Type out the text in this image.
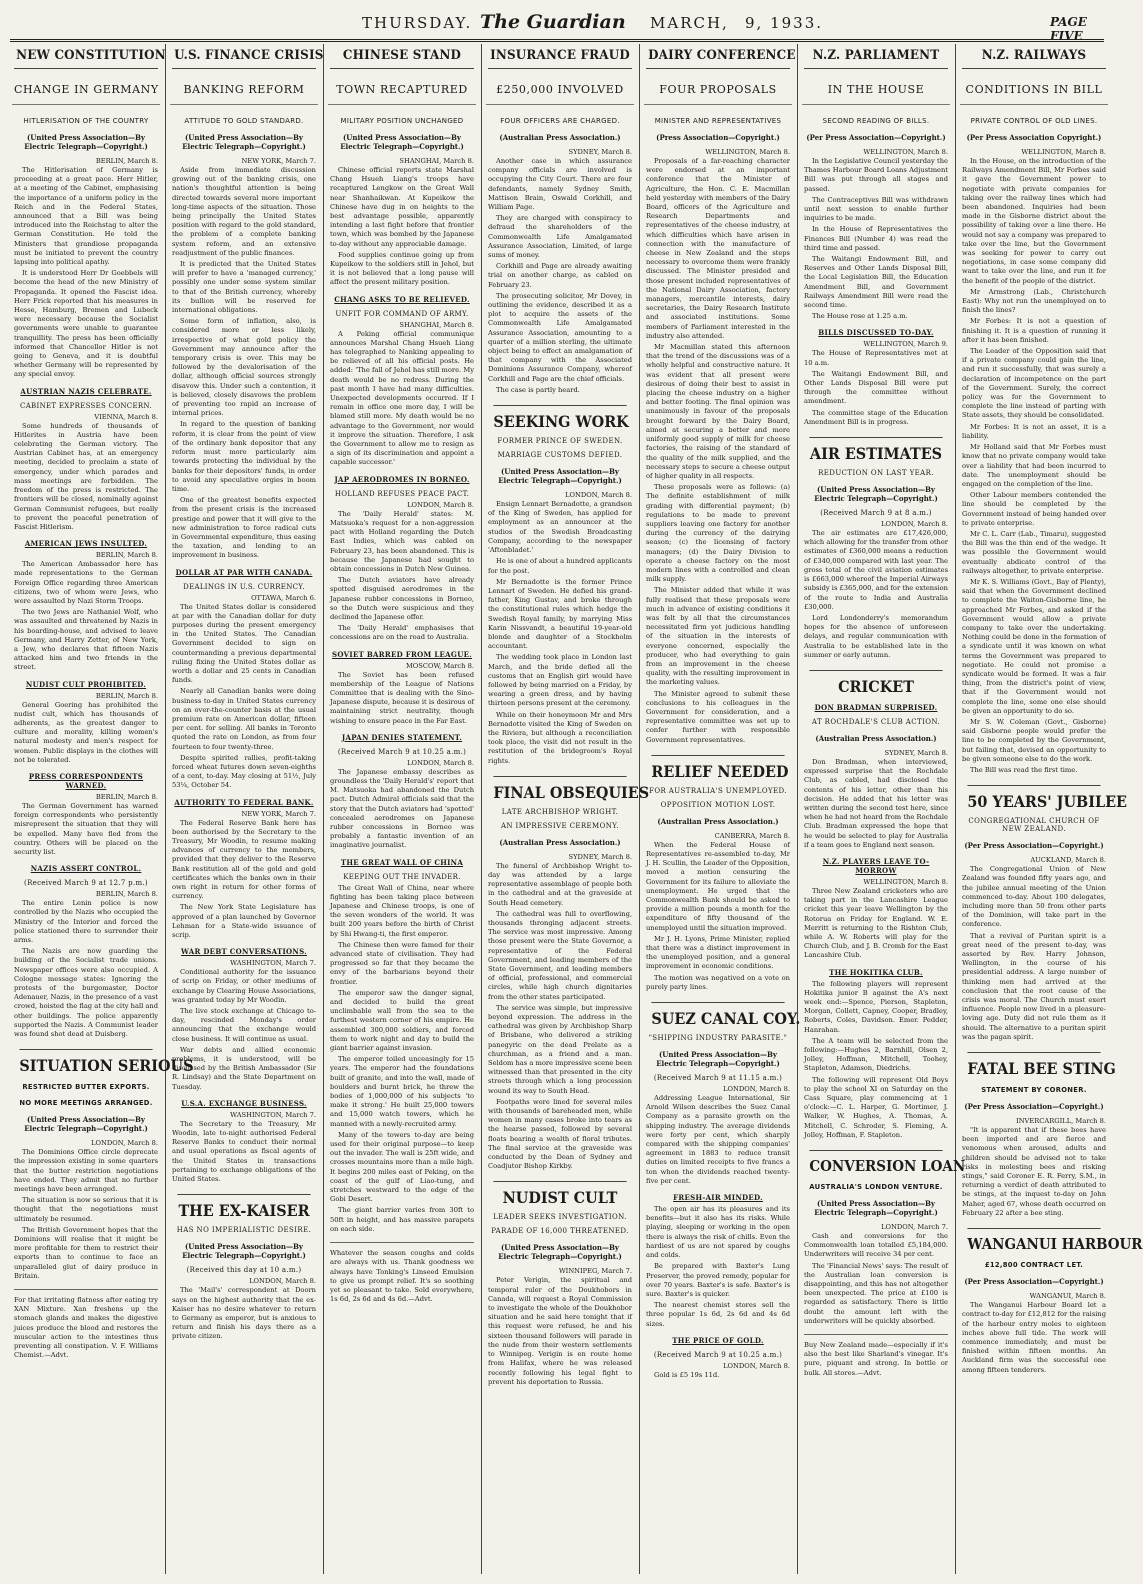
THURSDAY. The Guardian MARCH, 9, 1933.	PAGE FIVE
NEW CONSTITUTION
CHANGE IN GERMANY
HITLERISATION OF THE COUNTRY
(United Press Association—By Electric Telegraph—Copyright.)
BERLIN, March 8.

The Hitlerisation of Germany is proceeding at a great pace. Herr Hitler, at a meeting of the Cabinet, emphasising the importance of a uniform policy in the Reich and in the Federal States, announced that a Bill was being introduced into the Reichstag to alter the German Constitution. He told the Ministers that grandiose propaganda must be initiated to prevent the country lapsing into political apathy.

It is understood Herr Dr Goebbels will become the head of the new Ministry of Propaganda. It opened the Fascist idea. Herr Frick reported that his measures in Hesse, Hamburg, Bremen and Lubeck were necessary because the Socialist governments were unable to guarantee tranquillity. The press has been officially informed that Chancellor Hitler is not going to Geneva, and it is doubtful whether Germany will be represented by any special envoy.

AUSTRIAN NAZIS CELEBRATE.
CABINET EXPRESSES CONCERN.
VIENNA, March 8.

Some hundreds of thousands of Hitlerites in Austria have been celebrating the German victory. The Austrian Cabinet has, at an emergency meeting, decided to proclaim a state of emergency, under which parades and mass meetings are forbidden. The freedom of the press is restricted. The frontiers will be closed, nominally against German Communist refugees, but really to prevent the peaceful penetration of Fascist Hitlerism.

AMERICAN JEWS INSULTED.
BERLIN, March 8.

The American Ambassador here has made representations to the German Foreign Office regarding three American citizens, two of whom were Jews, who were assaulted by Nazi Storm Troops.

The two Jews are Nathaniel Wolf, who was assaulted and threatened by Nazis in his boarding-house, and advised to leave Germany, and Harry Zetter, of New York, a Jew, who declares that fifteen Nazis attacked him and two friends in the street.

NUDIST CULT PROHIBITED.
BERLIN, March 8.

General Goering has prohibited the nudist cult, which has thousands of adherents, as the greatest danger to culture and morality, killing women's natural modesty and men's respect for women. Public displays in the clothes will not be tolerated.

PRESS CORRESPONDENTS WARNED.
BERLIN, March 8.

The German Government has warned foreign correspondents who persistently misrepresent the situation that they will be expelled. Many have fled from the country. Others will be placed on the security list.

NAZIS ASSERT CONTROL.
(Received March 9 at 12.7 p.m.)
BERLIN, March 8.

The entire Lenin police is now controlled by the Nazis who occupied the Ministry of the Interior and forced the police stationed there to surrender their arms.

The Nazis are now guarding the building of the Socialist trade unions. Newspaper offices were also occupied. A Cologne message states: Ignoring the protests of the burgomaster, Doctor Adenauer, Nazis, in the presence of a vast crowd, hoisted the flag at the city hall and other buildings. The police apparently supported the Nazis. A Communist leader was found shot dead at Duisberg.

SITUATION SERIOUS
RESTRICTED BUTTER EXPORTS.
NO MORE MEETINGS ARRANGED.
(United Press Association—By Electric Telegraph—Copyright.)
LONDON, March 8.

The Dominions Office circle deprecate the impression existing in some quarters that the butter restriction negotiations have ended. They admit that no further meetings have been arranged.

The situation is now so serious that it is thought that the negotiations must ultimately be resumed.

The British Government hopes that the Dominions will realise that it might be more profitable for them to restrict their exports than to continue to face an unparalleled glut of dairy produce in Britain.

For that irritating flatness after eating try XAN Mixture. Xan freshens up the stomach glands and makes the digestive juices produce the blood and restores the muscular action to the intestines thus preventing all constipation. V. F. Williams Chemist.—Advt.
U.S. FINANCE CRISIS
BANKING REFORM
ATTITUDE TO GOLD STANDARD.
(United Press Association—By Electric Telegraph—Copyright.)
NEW YORK, March 7.

Aside from immediate discussion growing out of the banking crisis, one nation's thoughtful attention is being directed towards several more important long-time aspects of the situation. Those being principally the United States position with regard to the gold standard, the problem of a complete banking system reform, and an extensive readjustment of the public finances.

It is predicted that the United States will prefer to have a 'managed currency,' possibly one under some system similar to that of the British currency, whereby its bullion will be reserved for international obligations.

Some form of inflation, also, is considered more or less likely, irrespective of what gold policy the Government may announce after the temporary crisis is over. This may be followed by the devalorisation of the dollar, although official sources strongly disavow this. Under such a contention, it is believed, closely disavows the problem of preventing too rapid an increase of internal prices.

In regard to the question of banking reform, it is clear from the point of view of the ordinary bank depositor that any reform must more particularly aim towards protecting the individual by the banks for their depositors' funds, in order to avoid any speculative orgies in boom time.

One of the greatest benefits expected from the present crisis is the increased prestige and power that it will give to the new administration to force radical cuts in Governmental expenditure, thus easing the taxation, and lending to an improvement in business.

DOLLAR AT PAR WITH CANADA.
DEALINGS IN U.S. CURRENCY.
OTTAWA, March 6.

The United States dollar is considered at par with the Canadian dollar for duty purposes during the present emergency in the United States. The Canadian Government decided to sign on countermanding a previous departmental ruling fixing the United States dollar as worth a dollar and 25 cents in Canadian funds.

Nearly all Canadian banks were doing business to-day in United States currency on an over-the-counter basis at the usual premium rate on American dollar, fifteen per cent. for selling. All banks in Toronto quoted the rate on London, as from four fourteen to four twenty-three.

Despite spirited rallies, profit-taking forced wheat futures down seven-eighths of a cent, to-day. May closing at 51½, July 53¼, October 54.

AUTHORITY TO FEDERAL BANK.
NEW YORK, March 7.

The Federal Reserve Bank here has been authorised by the Secretary to the Treasury, Mr Woodin, to resume making advances of currency to the members, provided that they deliver to the Reserve Bank restitution all of the gold and gold certificates which the banks own in their own right in return for other forms of currency.

The New York State Legislature has approved of a plan launched by Governor Lehman for a State-wide issuance of scrip.

WAR DEBT CONVERSATIONS.
WASHINGTON, March 7.

Conditional authority for the issuance of scrip on Friday, or other mediums of exchange by Clearing House Associations, was granted today by Mr Woodin.

The live stock exchange at Chicago to-day, rescinded Monday's order announcing that the exchange would close business. It will continue as usual.

War debts and allied economic problems, it is understood, will be discussed by the British Ambassador (Sir R. Lindsay) and the State Department on Tuesday.

U.S.A. EXCHANGE BUSINESS.
WASHINGTON, March 7.

The Secretary to the Treasury, Mr Woodin, late to-night authorised Federal Reserve Banks to conduct their normal and usual operations as fiscal agents of the United States in transactions pertaining to exchange obligations of the United States.

THE EX-KAISER
HAS NO IMPERIALISTIC DESIRE.
(United Press Association—By Electric Telegraph—Copyright.)
(Received this day at 10 a.m.)
LONDON, March 8.

The 'Mail's' correspondent at Doorn says on the highest authority that the ex-Kaiser has no desire whatever to return to Germany as emperor, but is anxious to return and finish his days there as a private citizen.

CHINESE STAND
TOWN RECAPTURED
MILITARY POSITION UNCHANGED
(United Press Association—By Electric Telegraph—Copyright.)
SHANGHAI, March 8.

Chinese official reports state Marshal Chang Hsueh Liang's troops have recaptured Lengkow on the Great Wall near Shanhaikwan. At Kupeikow the Chinese have dug in on heights to the best advantage possible, apparently intending a last fight before that frontier town, which was bombed by the Japanese to-day without any appreciable damage.

Food supplies continue going up from Kupeikow to the soldiers still in Jehol, but it is not believed that a long pause will affect the present military position.

CHANG ASKS TO BE RELIEVED.
UNFIT FOR COMMAND OF ARMY.
SHANGHAI, March 8.

A Peking official communique announces Marshal Chang Hsueh Liang has telegraphed to Nanking appealing to be relieved of all his official posts. He added: 'The fall of Jehol has still more. My death would be no redress. During the past month I have had many difficulties. Unexpected developments occurred. If I remain in office one more day, I will be blamed still more. My death would be no advantage to the Government, nor would it improve the situation. Therefore, I ask the Government to allow me to resign as a sign of its discrimination and appoint a capable successor.'

JAP AERODROMES IN BORNEO.
HOLLAND REFUSES PEACE PACT.
LONDON, March 8.

The 'Daily Herald' states: M. Matsuoka's request for a non-aggression pact with Holland regarding the Dutch East Indies, which was cabled on February 23, has been abandoned. This is because the Japanese had sought to obtain concessions in Dutch New Guinea.

The Dutch aviators have already spotted disguised aerodromes in the Japanese rubber concessions in Borneo, so the Dutch were suspicious and they declined the Japanese offer.

The 'Daily Herald' emphasises that concessions are on the road to Australia.

SOVIET BARRED FROM LEAGUE.
MOSCOW, March 8.

The Soviet has been refused membership of the League of Nations Committee that is dealing with the Sino-Japanese dispute, because it is desirous of maintaining strict neutrality, though wishing to ensure peace in the Far East.

JAPAN DENIES STATEMENT.
(Received March 9 at 10.25 a.m.)
LONDON, March 8.

The Japanese embassy describes as groundless the 'Daily Herald's' report that M. Matsuoka had abandoned the Dutch pact. Dutch Admiral officials said that the story that the Dutch aviators had 'spotted' concealed aerodromes on Japanese rubber concessions in Borneo was probably a fantastic invention of an imaginative journalist.

THE GREAT WALL OF CHINA
KEEPING OUT THE INVADER.

The Great Wall of China, near where fighting has been taking place between Japanese and Chinese troops, is one of the seven wonders of the world. It was built 200 years before the birth of Christ by Shi Hwang-ti, the first emperor.

The Chinese then were famed for their advanced state of civilisation. They had progressed so far that they became the envy of the barbarians beyond their frontier.

The emperor saw the danger signal, and decided to build the great unclimbable wall from the sea to the furthest western corner of his empire. He assembled 300,000 soldiers, and forced them to work night and day to build the giant barrier against invasion.

The emperor toiled unceasingly for 15 years. The emperor had the foundations built of granite, and into the wall, made of boulders and burnt brick, he threw the bodies of 1,000,000 of his subjects 'to make it strong.' He built 25,000 towers and 15,000 watch towers, which he manned with a newly-recruited army.

Many of the towers to-day are being used for their original purpose—to keep out the invader. The wall is 25ft wide, and crosses mountains more than a mile high. It begins 200 miles east of Peking, on the coast of the gulf of Liao-tung, and stretches westward to the edge of the Gobi Desert.

The giant barrier varies from 30ft to 50ft in height, and has massive parapets on each side.

Whatever the season coughs and colds are always with us. Thank goodness we always have Tonking's Linseed Emulsion to give us prompt relief. It's so soothing yet so pleasant to take. Sold everywhere, 1s 6d, 2s 6d and 4s 6d.—Advt.
INSURANCE FRAUD
£250,000 INVOLVED
FOUR OFFICERS ARE CHARGED.
(Australian Press Association.)
SYDNEY, March 8.

Another case in which assurance company officials are involved is occupying the City Court. There are four defendants, namely Sydney Smith, Mattison Brain, Oswald Corkhill, and William Page.

They are charged with conspiracy to defraud the shareholders of the Commonwealth Life Amalgamated Assurance Association, Limited, of large sums of money.

Corkhill and Page are already awaiting trial on another charge, as cabled on February 23.

The prosecuting solicitor, Mr Dovey, in outlining the evidence, described it as a plot to acquire the assets of the Commonwealth Life Amalgamated Assurance Association, amounting to a quarter of a million sterling, the ultimate object being to effect an amalgamation of that company with the Associated Dominions Assurance Company, whereof Corkhill and Page are the chief officials.

The case is partly heard.

SEEKING WORK
FORMER PRINCE OF SWEDEN.
MARRIAGE CUSTOMS DEFIED.
(United Press Association—By Electric Telegraph—Copyright.)
LONDON, March 8.

Ensign Lennart Bernadotte, a grandson of the King of Sweden, has applied for employment as an announcer at the studios of the Swedish Broadcasting Company, according to the newspaper 'Aftonbladet.'

He is one of about a hundred applicants for the post.

Mr Bernadotte is the former Prince Lennart of Sweden. He defied his grand-father, King Gustav, and broke through the constitutional rules which hedge the Swedish Royal family, by marrying Miss Karin Nissvandt, a beautiful 19-year-old blonde and daughter of a Stockholm accountant.

The wedding took place in London last March, and the bride defied all the customs that an English girl would have followed by being married on a Friday, by wearing a green dress, and by having thirteen persons present at the ceremony.

While on their honeymoon Mr and Mrs Bernadotte visited the King of Sweden on the Riviera, but although a reconciliation took place, the visit did not result in the restitution of the bridegroom's Royal rights.

FINAL OBSEQUIES
LATE ARCHBISHOP WRIGHT.
AN IMPRESSIVE CEREMONY.
(Australian Press Association.)
SYDNEY, March 8.

The funeral of Archbishop Wright to-day was attended by a large representative assemblage of people both in the cathedral and at the graveside at South Head cemetery.

The cathedral was full to overflowing, thousands thronging adjacent streets. The service was most impressive. Among those present were the State Governor, a representative of the Federal Government, and leading members of the State Government, and leading members of official, professional, and commercial circles, while high church dignitaries from the other states participated.

The service was simple, but impressive beyond expression. The address in the cathedral was given by Archbishop Sharp of Brisbane, who delivered a striking panegyric on the dead Prelate as a churchman, as a friend and a man. Seldom has a more impressive scene been witnessed than that presented in the city streets through which a long procession wound its way to South Head.

Footpaths were lined for several miles with thousands of bareheaded men, while women in many cases broke into tears as the hearse passed, followed by several floats bearing a wealth of floral tributes. The final service at the graveside was conducted by the Dean of Sydney and Coadjutor Bishop Kirkby.

NUDIST CULT
LEADER SEEKS INVESTIGATION.
PARADE OF 16,000 THREATENED.
(United Press Association—By Electric Telegraph—Copyright.)
WINNIPEG, March 7.

Peter Verigin, the spiritual and temporal ruler of the Doukhobors in Canada, will request a Royal Commission to investigate the whole of the Doukhobor situation and he said here tonight that if this request were refused, he and his sixteen thousand followers will parade in the nude from their western settlements to Winnipeg. Verigin is en route home from Halifax, where he was released recently following his legal fight to prevent his deportation to Russia.

DAIRY CONFERENCE
FOUR PROPOSALS
MINISTER AND REPRESENTATIVES
(Press Association—Copyright.)
WELLINGTON, March 8.

Proposals of a far-reaching character were endorsed at an important conference that the Minister of Agriculture, the Hon. C. E. Macmillan held yesterday with members of the Dairy Board, officers of the Agriculture and Research Departments and representatives of the cheese industry, at which difficulties which have arisen in connection with the manufacture of cheese in New Zealand and the steps necessary to overcome them were frankly discussed. The Minister presided and those present included representatives of the National Dairy Association, factory managers, mercantile interests, dairy secretaries, the Dairy Research Institute and associated institutions. Some members of Parliament interested in the industry also attended.

Mr Macmillan stated this afternoon that the trend of the discussions was of a wholly helpful and constructive nature. It was evident that all present were desirous of doing their best to assist in placing the cheese industry on a higher and better footing. The final opinion was unanimously in favour of the proposals brought forward by the Dairy Board, aimed at securing a better and more uniformly good supply of milk for cheese factories, the raising of the standard of the quality of the milk supplied, and the necessary steps to secure a cheese output of higher quality in all respects.

These proposals were as follows: (a) The definite establishment of milk grading with differential payment; (b) regulations to be made to prevent suppliers leaving one factory for another during the currency of the dairying season; (c) the licensing of factory managers; (d) the Dairy Division to operate a cheese factory on the most modern lines with a controlled and clean milk supply.

The Minister added that while it was fully realised that these proposals were much in advance of existing conditions it was felt by all that the circumstances necessitated firm yet judicious handling of the situation in the interests of everyone concerned, especially the producer, who had everything to gain from an improvement in the cheese quality, with the resulting improvement in the marketing values.

The Minister agreed to submit these conclusions to his colleagues in the Government for consideration, and a representative committee was set up to confer further with responsible Government representatives.

RELIEF NEEDED
FOR AUSTRALIA'S UNEMPLOYED.
OPPOSITION MOTION LOST.
(Australian Press Association.)
CANBERRA, March 8.

When the Federal House of Representatives re-assembled to-day, Mr J. H. Scullin, the Leader of the Opposition, moved a motion censuring the Government for its failure to alleviate the unemployment. He urged that the Commonwealth Bank should be asked to provide a million pounds a month for the expenditure of fifty thousand of the unemployed until the situation improved.

Mr J. H. Lyons, Prime Minister, replied that there was a distinct improvement in the unemployed position, and a general improvement in economic conditions.

The motion was negatived on a vote on purely party lines.

SUEZ CANAL COY.
"SHIPPING INDUSTRY PARASITE."
(United Press Association—By Electric Telegraph—Copyright.)
(Received March 9 at 11.15 a.m.)
LONDON, March 8.

Addressing League International, Sir Arnold Wilson describes the Suez Canal Company as a parasite growth on the shipping industry. The average dividends were forty per cent, which sharply compared with the shipping companies' agreement in 1883 to reduce transit duties on limited receipts to five francs a ton when the dividends reached twenty-five per cent.

FRESH-AIR MINDED.

The open air has its pleasures and its benefits—but it also has its risks. While playing, sleeping or working in the open there is always the risk of chills. Even the hardiest of us are not spared by coughs and colds.

Be prepared with Baxter's Lung Preserver, the proved remedy, popular for over 70 years. Baxter's is safe. Baxter's is sure. Baxter's is quicker.

The nearest chemist stores sell the three popular 1s 6d, 2s 6d and 4s 6d sizes.

THE PRICE OF GOLD.
(Received March 9 at 10.25 a.m.)
LONDON, March 8.

Gold is £5 19s 11d.

N.Z. PARLIAMENT
IN THE HOUSE
SECOND READING OF BILLS.
(Per Press Association—Copyright.)
WELLINGTON, March 8.

In the Legislative Council yesterday the Thames Harbour Board Loans Adjustment Bill was put through all stages and passed.

The Contraceptives Bill was withdrawn until next session to enable further inquiries to be made.

In the House of Representatives the Finances Bill (Number 4) was read the third time and passed.

The Waitangi Endowment Bill, and Reserves and Other Lands Disposal Bill, the Local Legislation Bill, the Education Amendment Bill, and Government Railways Amendment Bill were read the second time.

The House rose at 1.25 a.m.

BILLS DISCUSSED TO-DAY.
WELLINGTON, March 9.

The House of Representatives met at 10 a.m.

The Waitangi Endowment Bill, and Other Lands Disposal Bill were put through the committee without amendment.

The committee stage of the Education Amendment Bill is in progress.

AIR ESTIMATES
REDUCTION ON LAST YEAR.
(United Press Association—By Electric Telegraph—Copyright.)
(Received March 9 at 8 a.m.)
LONDON, March 8.

The air estimates are £17,426,000, which allowing for the transfer from other estimates of £360,000 means a reduction of £340,000 compared with last year. The gross total of the civil aviation estimates is £663,000 whereof the Imperial Airways subsidy is £365,000, and for the extension of the route to India and Australia £30,000.

Lord Londonderry's memorandum hopes for the absence of unforeseen delays, and regular communication with Australia to be established late in the summer or early autumn.

CRICKET
DON BRADMAN SURPRISED.
AT ROCHDALE'S CLUB ACTION.
(Australian Press Association.)
SYDNEY, March 8.

Don Bradman, when interviewed, expressed surprise that the Rochdale Club, as cabled, had disclosed the contents of his letter, other than his decision. He added that his letter was written during the second test here, since when he had not heard from the Rochdale Club. Bradman expressed the hope that he would be selected to play for Australia if a team goes to England next season.

N.Z. PLAYERS LEAVE TO-MORROW
WELLINGTON, March 8.

Three New Zealand cricketers who are taking part in the Lancashire League cricket this year leave Wellington by the Rotorua on Friday for England. W. E. Merritt is returning to the Rishton Club, while A. W. Roberts will play for the Church Club, and J. B. Cromb for the East Lancashire Club.

THE HOKITIKA CLUB.

The following players will represent Hokitika junior B against the A's next week end:—Spence, Pierson, Stapleton, Morgan, Collett, Capney, Cooper, Bradley, Roberts, Coles, Davidson. Emer. Pedder, Hanrahan.

The A team will be selected from the following:—Hughes 2, Barnhill, Olsen 2, Jolley, Hoffman, Mitchell, Toohey, Stapleton, Adamson, Diedrichs.

The following will represent Old Boys to play the school XI on Saturday on the Cass Square, play commencing at 1 o'clock:—C. L. Harper, G. Mortimer, J. Walker, W. Hughes, A. Thomas, A. Mitchell, C. Schroder, S. Fleming, A. Jolley, Hoffman, F. Stapleton.

CONVERSION LOAN
AUSTRALIA'S LONDON VENTURE.
(United Press Association—By Electric Telegraph—Copyright.)
LONDON, March 7.

Cash and conversions for the Commonwealth loan totalled £5,184,000. Underwriters will receive 34 per cent.

The 'Financial News' says: The result of the Australian loan conversion is disappointing, and this has not altogether been unexpected. The price at £100 is regarded as satisfactory. There is little doubt the amount left with the underwriters will be quickly absorbed.

Buy New Zealand made—especially if it's also the best like Sharland's vinegar. It's pure, piquant and strong. In bottle or bulk. All stores.—Advt.
N.Z. RAILWAYS
CONDITIONS IN BILL
PRIVATE CONTROL OF OLD LINES.
(Per Press Association Copyright.)
WELLINGTON, March 8.

In the House, on the introduction of the Railways Amendment Bill, Mr Forbes said it gave the Government power to negotiate with private companies for taking over the railway lines which had been abandoned. Inquiries had been made in the Gisborne district about the possibility of taking over a line there. He would not say a company was prepared to take over the line, but the Government was seeking for power to carry out negotiations, in case some company did want to take over the line, and run it for the benefit of the people of the district.

Mr Armstrong (Lab., Christchurch East): Why not run the unemployed on to finish the lines?

Mr Forbes: It is not a question of finishing it. It is a question of running it after it has been finished.

The Leader of the Opposition said that if a private company could gain the line, and run it successfully, that was surely a declaration of incompetence on the part of the Government. Surely, the correct policy was for the Government to complete the line instead of parting with State assets, they should be consolidated.

Mr Forbes: It is not an asset, it is a liability.

Mr Holland said that Mr Forbes must know that no private company would take over a liability that had been incurred to date. The unemployment should be engaged on the completion of the line.

Other Labour members contended the line should be completed by the Government instead of being handed over to private enterprise.

Mr C. L. Carr (Lab., Timaru), suggested the Bill was the thin end of the wedge. It was possible the Government would eventually abdicate control of the railways altogether, to private enterprise.

Mr K. S. Williams (Govt., Bay of Plenty), said that when the Government declined to complete the Waiton-Gisborne line, he approached Mr Forbes, and asked if the Government would allow a private company to take over the undertaking. Nothing could be done in the formation of a syndicate until it was known on what terms the Government was prepared to negotiate. He could not promise a syndicate would be formed. It was a fair thing, from the district's point of view, that if the Government would not complete the line, some one else should be given an opportunity to do so.

Mr S. W. Coleman (Govt., Gisborne) said Gisborne people would prefer the line to be completed by the Government, but failing that, devised an opportunity to be given someone else to do the work.

The Bill was read the first time.

50 YEARS' JUBILEE
CONGREGATIONAL CHURCH OF NEW ZEALAND.
(Per Press Association—Copyright.)
AUCKLAND, March 8.

The Congregational Union of New Zealand was founded fifty years ago, and the jubilee annual meeting of the Union commenced to-day. About 100 delegates, including more than 50 from other parts of the Dominion, will take part in the conference.

That a revival of Puritan spirit is a great need of the present to-day, was asserted by Rev. Harry Johnson, Wellington, in the course of his presidential address. A large number of thinking men had arrived at the conclusion that the root cause of the crisis was moral. The Church must exert influence. People now lived in a pleasure-loving age. Duty did not rule them as it should. The alternative to a puritan spirit was the pagan spirit.

FATAL BEE STING
STATEMENT BY CORONER.
(Per Press Association—Copyright.)
INVERCARGILL, March 8.

"It is apparent that if these bees have been imported and are fierce and venomous when aroused, adults and children should be advised not to take risks in molesting bees and risking stings," said Coroner E. R. Ferry, S.M., in returning a verdict of death attributed to be stings, at the inquest to-day on John Maher, aged 67, whose death occurred on February 22 after a bee sting.

WANGANUI HARBOUR
£12,800 CONTRACT LET.
(Per Press Association—Copyright.)
WANGANUI, March 8.

The Wanganui Harbour Board let a contract to-day for £12,812 for the raising of the harbour entry moles to eighteen inches above full tide. The work will commence immediately, and must be finished within fifteen months. An Auckland firm was the successful one among fifteen tenderers.
